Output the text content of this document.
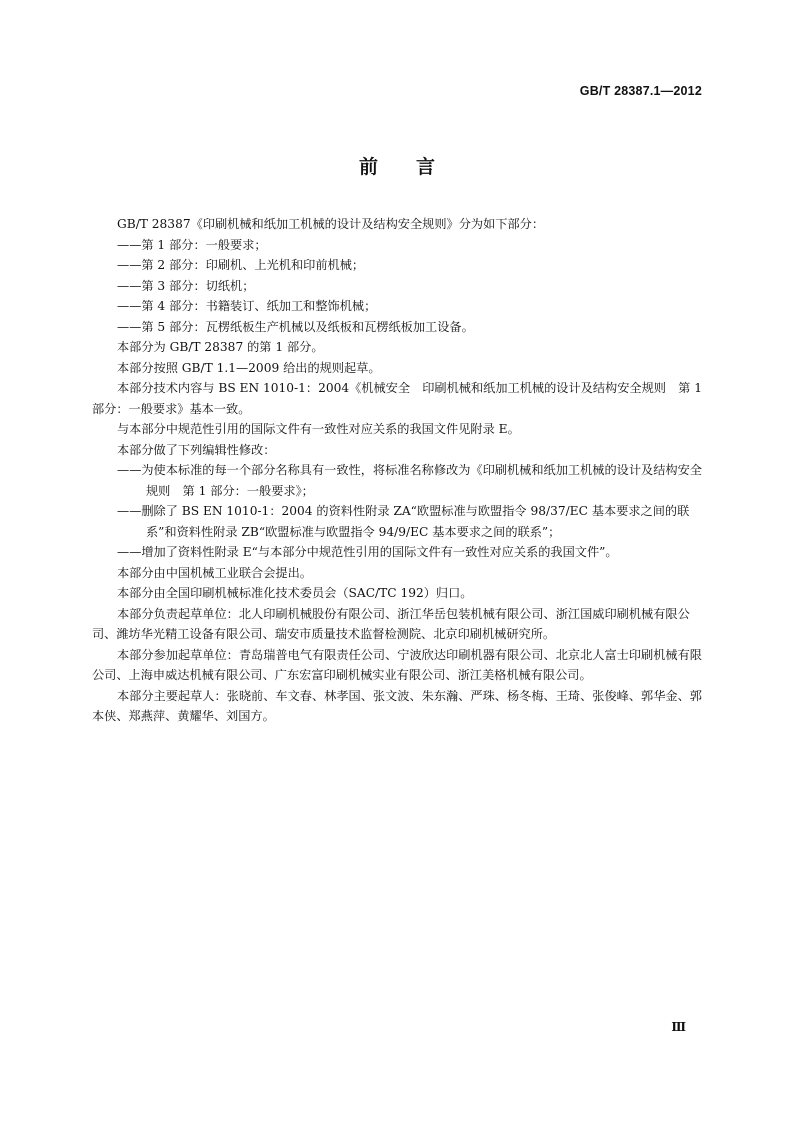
GB/T 28387.1—2012
前　　言

GB/T 28387《印刷机械和纸加工机械的设计及结构安全规则》分为如下部分：

——第 1 部分：一般要求；

——第 2 部分：印刷机、上光机和印前机械；

——第 3 部分：切纸机；

——第 4 部分：书籍装订、纸加工和整饰机械；

——第 5 部分：瓦楞纸板生产机械以及纸板和瓦楞纸板加工设备。

本部分为 GB/T 28387 的第 1 部分。

本部分按照 GB/T 1.1—2009 给出的规则起草。

本部分技术内容与 BS EN 1010-1：2004《机械安全　印刷机械和纸加工机械的设计及结构安全规则　第 1 部分：一般要求》基本一致。

与本部分中规范性引用的国际文件有一致性对应关系的我国文件见附录 E。

本部分做了下列编辑性修改：

——为使本标准的每一个部分名称具有一致性，将标准名称修改为《印刷机械和纸加工机械的设计及结构安全规则　第 1 部分：一般要求》；

——删除了 BS EN 1010-1：2004 的资料性附录 ZA“欧盟标准与欧盟指令 98/37/EC 基本要求之间的联系”和资料性附录 ZB“欧盟标准与欧盟指令 94/9/EC 基本要求之间的联系”；

——增加了资料性附录 E“与本部分中规范性引用的国际文件有一致性对应关系的我国文件”。

本部分由中国机械工业联合会提出。

本部分由全国印刷机械标准化技术委员会（SAC/TC 192）归口。

本部分负责起草单位：北人印刷机械股份有限公司、浙江华岳包装机械有限公司、浙江国威印刷机械有限公司、潍坊华光精工设备有限公司、瑞安市质量技术监督检测院、北京印刷机械研究所。

本部分参加起草单位：青岛瑞普电气有限责任公司、宁波欣达印刷机器有限公司、北京北人富士印刷机械有限公司、上海申威达机械有限公司、广东宏富印刷机械实业有限公司、浙江美格机械有限公司。

本部分主要起草人：张晓前、车文春、林孝国、张文波、朱东瀚、严珠、杨冬梅、王琦、张俊峰、郭华金、郭本侠、郑燕萍、黄耀华、刘国方。

Ⅲ
